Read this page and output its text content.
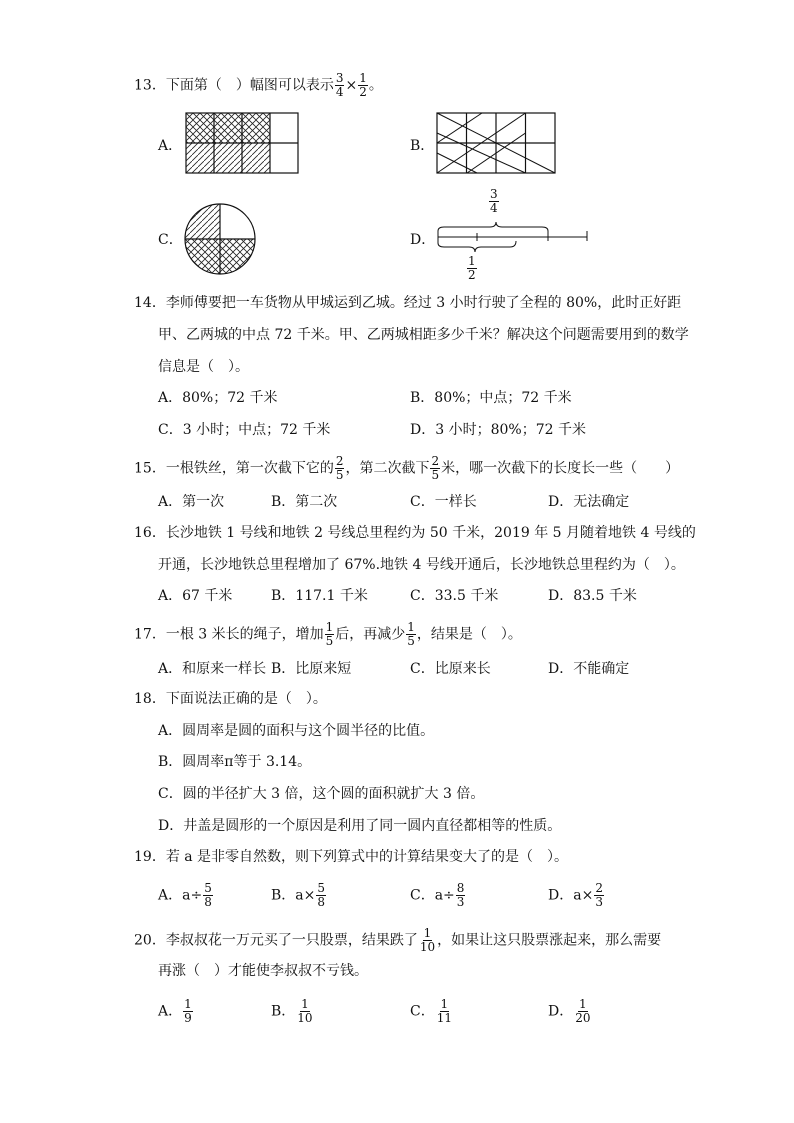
13．下面第（　）幅图可以表示 $\frac{3}{4} \times \frac{1}{2}$ 。
A．	B．
C．	D．
$\frac{3}{4}$
$\frac{1}{2}$
14．李师傅要把一车货物从甲城运到乙城。经过 3 小时行驶了全程的 80%，此时正好距
甲、乙两城的中点 72 千米。甲、乙两城相距多少千米？解决这个问题需要用到的数学
信息是（　）。
A．80%；72 千米	B．80%；中点；72 千米
C．3 小时；中点；72 千米	D．3 小时；80%；72 千米
15．一根铁丝，第一次截下它的 $\frac{2}{5}$ ，第二次截下 $\frac{2}{5}$ 米，哪一次截下的长度长一些（　　）
A．第一次	B．第二次	C．一样长	D．无法确定
16．长沙地铁 1 号线和地铁 2 号线总里程约为 50 千米，2019 年 5 月随着地铁 4 号线的
开通，长沙地铁总里程增加了 67%.地铁 4 号线开通后，长沙地铁总里程约为（　）。
A．67 千米	B．117.1 千米	C．33.5 千米	D．83.5 千米
17．一根 3 米长的绳子，增加 $\frac{1}{5}$ 后，再减少 $\frac{1}{5}$ ，结果是（　）。
A．和原来一样长 B．比原来短	C．比原来长	D．不能确定
18．下面说法正确的是（　）。
A．圆周率是圆的面积与这个圆半径的比值。
B．圆周率π等于 3.14。
C．圆的半径扩大 3 倍，这个圆的面积就扩大 3 倍。
D．井盖是圆形的一个原因是利用了同一圆内直径都相等的性质。
19．若 a 是非零自然数，则下列算式中的计算结果变大了的是（　）。
A．$a\div \frac{5}{8}$	B．$a\times \frac{5}{8}$	C．$a\div \frac{8}{3}$	D．$a\times \frac{2}{3}$
20．李叔叔花一万元买了一只股票，结果跌了 $\frac{1}{10}$ ，如果让这只股票涨起来，那么需要
再涨（　）才能使李叔叔不亏钱。
A． $\frac{1}{9}$	B． $\frac{1}{10}$	C． $\frac{1}{11}$	D． $\frac{1}{20}$
